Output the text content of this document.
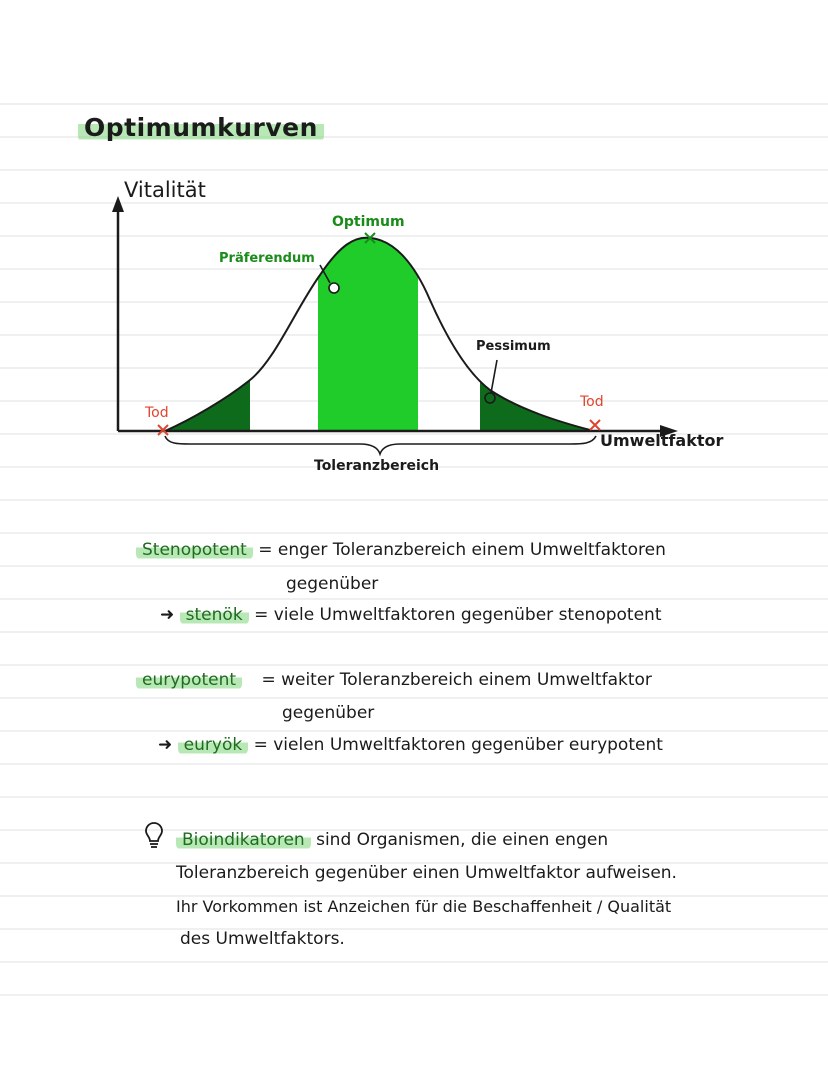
Optimumkurven
Vitalität
Umweltfaktor
Optimum
Präferendum
Pessimum
Tod
Tod
Toleranzbereich
Stenopotent = enger Toleranzbereich einem Umweltfaktoren
gegenüber
➜ stenök = viele Umweltfaktoren gegenüber stenopotent
eurypotent = weiter Toleranzbereich einem Umweltfaktor
gegenüber
➜ euryök = vielen Umweltfaktoren gegenüber eurypotent
Bioindikatoren sind Organismen, die einen engen
Toleranzbereich gegenüber einen Umweltfaktor aufweisen.
Ihr Vorkommen ist Anzeichen für die Beschaffenheit / Qualität
des Umweltfaktors.
